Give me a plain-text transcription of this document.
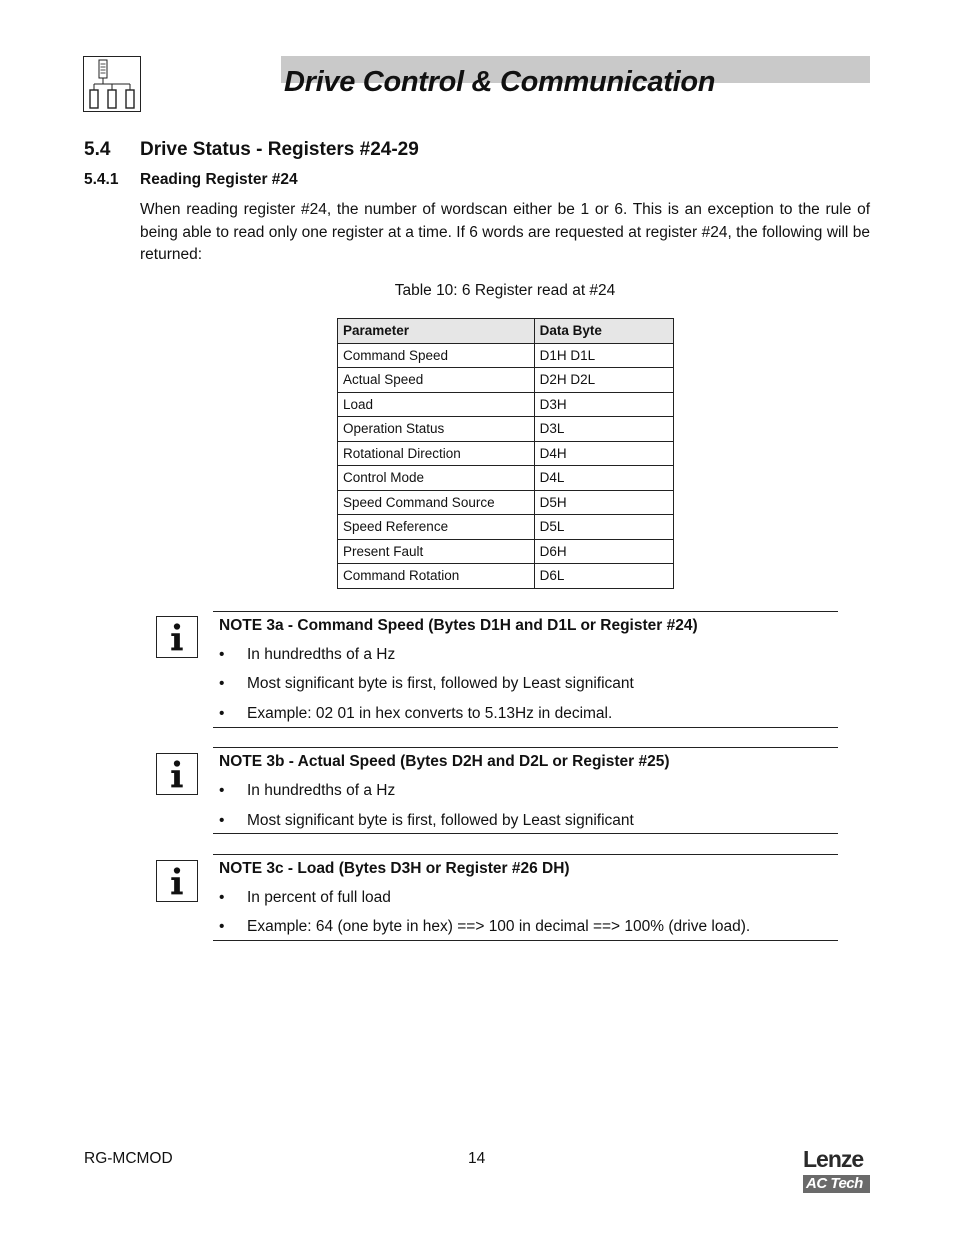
Drive Control & Communication
5.4 Drive Status - Registers #24-29
5.4.1 Reading Register #24

When reading register #24, the number of wordscan either be 1 or 6. This is an exception to the rule of being able to read only one register at a time. If 6 words are requested at register #24, the following will be returned:

Table 10: 6 Register read at #24
Parameter	Data Byte
Command Speed	D1H D1L
Actual Speed	D2H D2L
Load	D3H
Operation Status	D3L
Rotational Direction	D4H
Control Mode	D4L
Speed Command Source	D5H
Speed Reference	D5L
Present Fault	D6H
Command Rotation	D6L
NOTE 3a - Command Speed (Bytes D1H and D1L or Register #24)
• In hundredths of a Hz
• Most significant byte is first, followed by Least significant
• Example: 02 01 in hex converts to 5.13Hz in decimal.
NOTE 3b - Actual Speed (Bytes D2H and D2L or Register #25)
• In hundredths of a Hz
• Most significant byte is first, followed by Least significant
NOTE 3c - Load (Bytes D3H or Register #26 DH)
• In percent of full load
• Example: 64 (one byte in hex) ==> 100 in decimal ==> 100% (drive load).
RG-MCMOD	14	Lenze
AC Tech
